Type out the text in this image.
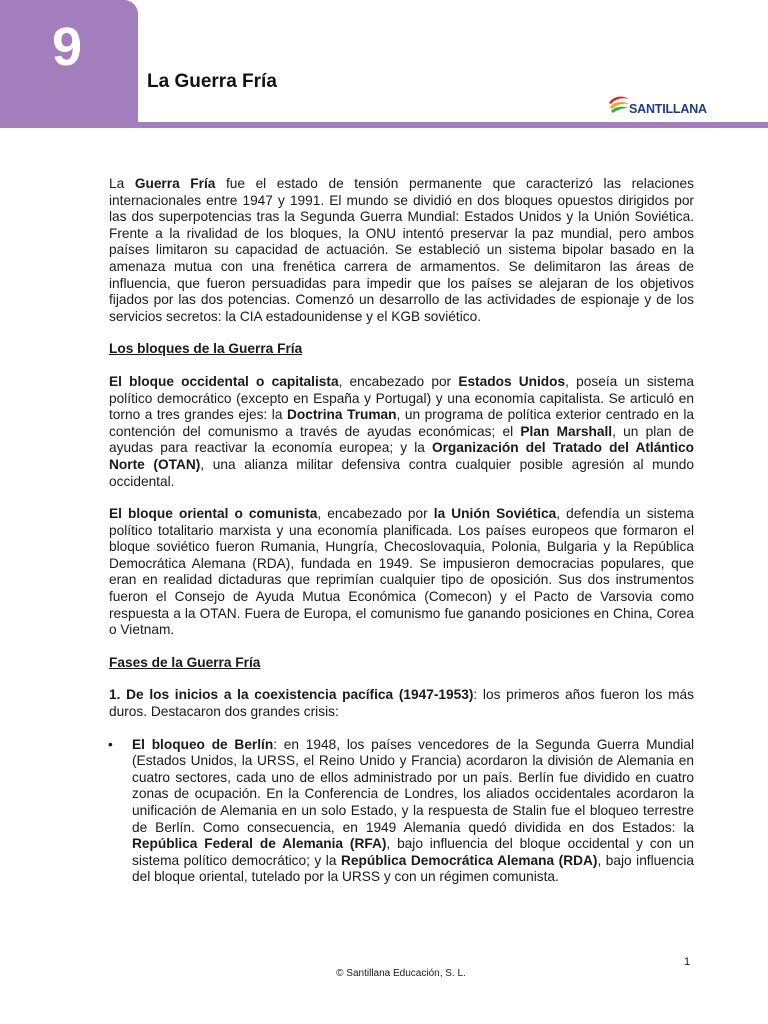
9
La Guerra Fría
SANTILLANA

La Guerra Fría fue el estado de tensión permanente que caracterizó las relaciones internacionales entre 1947 y 1991. El mundo se dividió en dos bloques opuestos dirigidos por las dos superpotencias tras la Segunda Guerra Mundial: Estados Unidos y la Unión Soviética. Frente a la rivalidad de los bloques, la ONU intentó preservar la paz mundial, pero ambos países limitaron su capacidad de actuación. Se estableció un sistema bipolar basado en la amenaza mutua con una frenética carrera de armamentos. Se delimitaron las áreas de influencia, que fueron persuadidas para impedir que los países se alejaran de los objetivos fijados por las dos potencias. Comenzó un desarrollo de las actividades de espionaje y de los servicios secretos: la CIA estadounidense y el KGB soviético.

Los bloques de la Guerra Fría

El bloque occidental o capitalista, encabezado por Estados Unidos, poseía un sistema político democrático (excepto en España y Portugal) y una economía capitalista. Se articuló en torno a tres grandes ejes: la Doctrina Truman, un programa de política exterior centrado en la contención del comunismo a través de ayudas económicas; el Plan Marshall, un plan de ayudas para reactivar la economía europea; y la Organización del Tratado del Atlántico Norte (OTAN), una alianza militar defensiva contra cualquier posible agresión al mundo occidental.

El bloque oriental o comunista, encabezado por la Unión Soviética, defendía un sistema político totalitario marxista y una economía planificada. Los países europeos que formaron el bloque soviético fueron Rumania, Hungría, Checoslovaquia, Polonia, Bulgaria y la República Democrática Alemana (RDA), fundada en 1949. Se impusieron democracias populares, que eran en realidad dictaduras que reprimían cualquier tipo de oposición. Sus dos instrumentos fueron el Consejo de Ayuda Mutua Económica (Comecon) y el Pacto de Varsovia como respuesta a la OTAN. Fuera de Europa, el comunismo fue ganando posiciones en China, Corea o Vietnam.

Fases de la Guerra Fría

1. De los inicios a la coexistencia pacífica (1947-1953): los primeros años fueron los más duros. Destacaron dos grandes crisis:

• El bloqueo de Berlín: en 1948, los países vencedores de la Segunda Guerra Mundial (Estados Unidos, la URSS, el Reino Unido y Francia) acordaron la división de Alemania en cuatro sectores, cada uno de ellos administrado por un país. Berlín fue dividido en cuatro zonas de ocupación. En la Conferencia de Londres, los aliados occidentales acordaron la unificación de Alemania en un solo Estado, y la respuesta de Stalin fue el bloqueo terrestre de Berlín. Como consecuencia, en 1949 Alemania quedó dividida en dos Estados: la República Federal de Alemania (RFA), bajo influencia del bloque occidental y con un sistema político democrático; y la República Democrática Alemana (RDA), bajo influencia del bloque oriental, tutelado por la URSS y con un régimen comunista.
1
© Santillana Educación, S. L.
